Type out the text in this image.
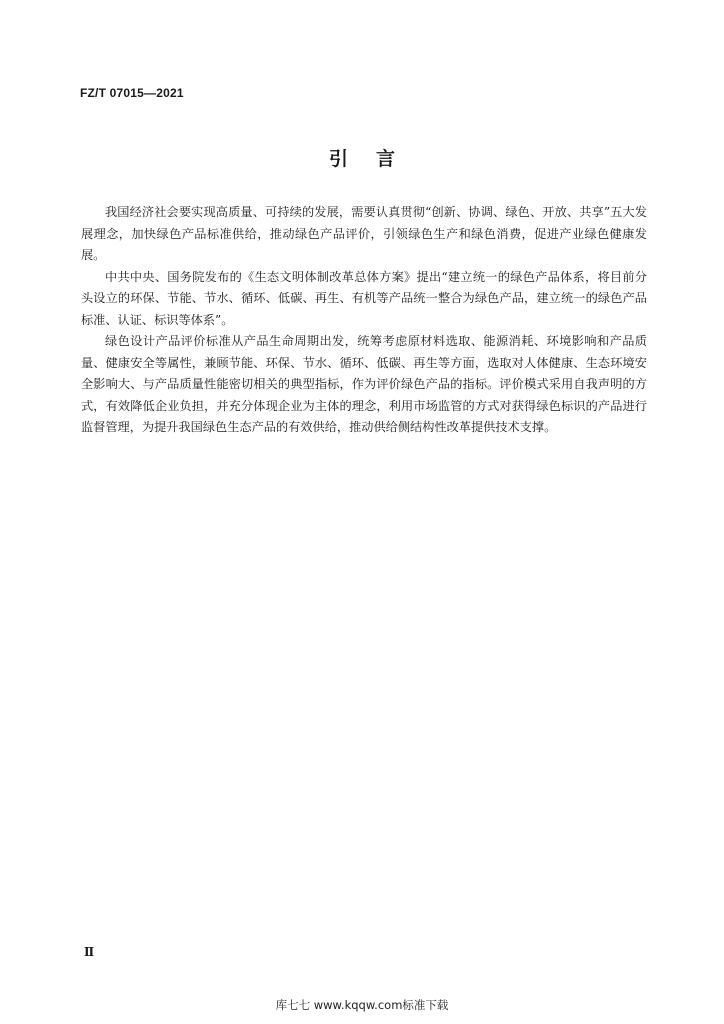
FZ/T 07015—2021
引言

我国经济社会要实现高质量、可持续的发展，需要认真贯彻“创新、协调、绿色、开放、共享”五大发展理念，加快绿色产品标准供给，推动绿色产品评价，引领绿色生产和绿色消费，促进产业绿色健康发展。

中共中央、国务院发布的《生态文明体制改革总体方案》提出“建立统一的绿色产品体系，将目前分头设立的环保、节能、节水、循环、低碳、再生、有机等产品统一整合为绿色产品，建立统一的绿色产品标准、认证、标识等体系”。

绿色设计产品评价标准从产品生命周期出发，统筹考虑原材料选取、能源消耗、环境影响和产品质量、健康安全等属性，兼顾节能、环保、节水、循环、低碳、再生等方面，选取对人体健康、生态环境安全影响大、与产品质量性能密切相关的典型指标，作为评价绿色产品的指标。评价模式采用自我声明的方式，有效降低企业负担，并充分体现企业为主体的理念，利用市场监管的方式对获得绿色标识的产品进行监督管理，为提升我国绿色生态产品的有效供给，推动供给侧结构性改革提供技术支撑。

Ⅱ
库七七 www.kqqw.com标准下载
